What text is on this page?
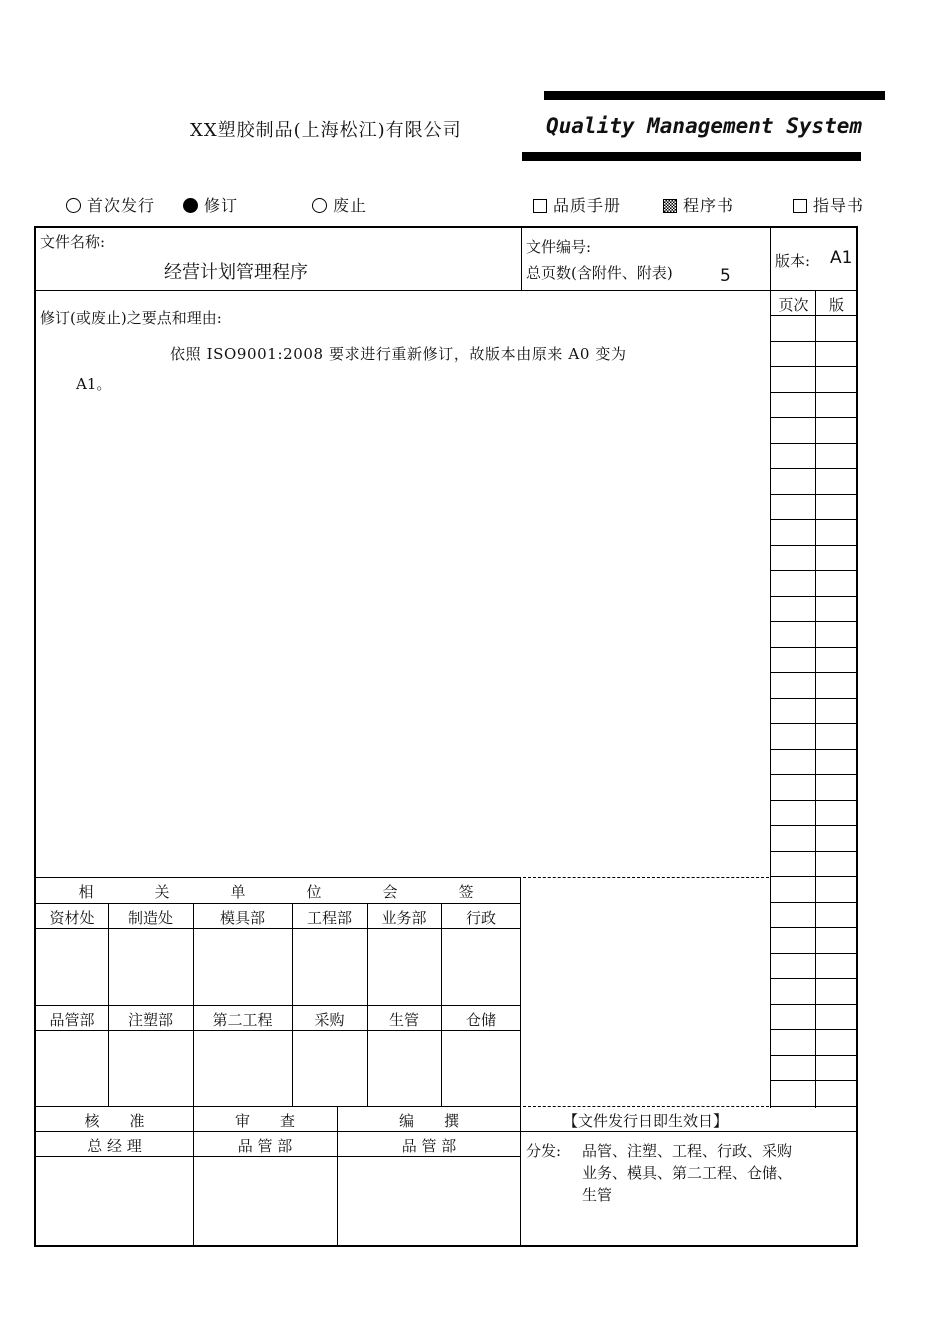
XX塑胶制品(上海松江)有限公司	Quality Management System
首次发行	修订	废止	品质手册	程序书	指导书
文件名称:
经营计划管理程序
文件编号:
总页数(含附件、附表)	5
版本: A1
修订(或废止)之要点和理由:
依照 ISO9001:2008 要求进行重新修订，故版本由原来 A0 变为
A1。
页次	版
相	关	单	位	会	签
资材处	制造处	模具部	工程部	业务部	行政
品管部	注塑部	第二工程	采购	生管	仓储
核　　准	审　　查	编　　撰
总 经 理	品 管 部	品 管 部
【文件发行日即生效日】
分发: 品管、注塑、工程、行政、采购
业务、模具、第二工程、仓储、
生管
